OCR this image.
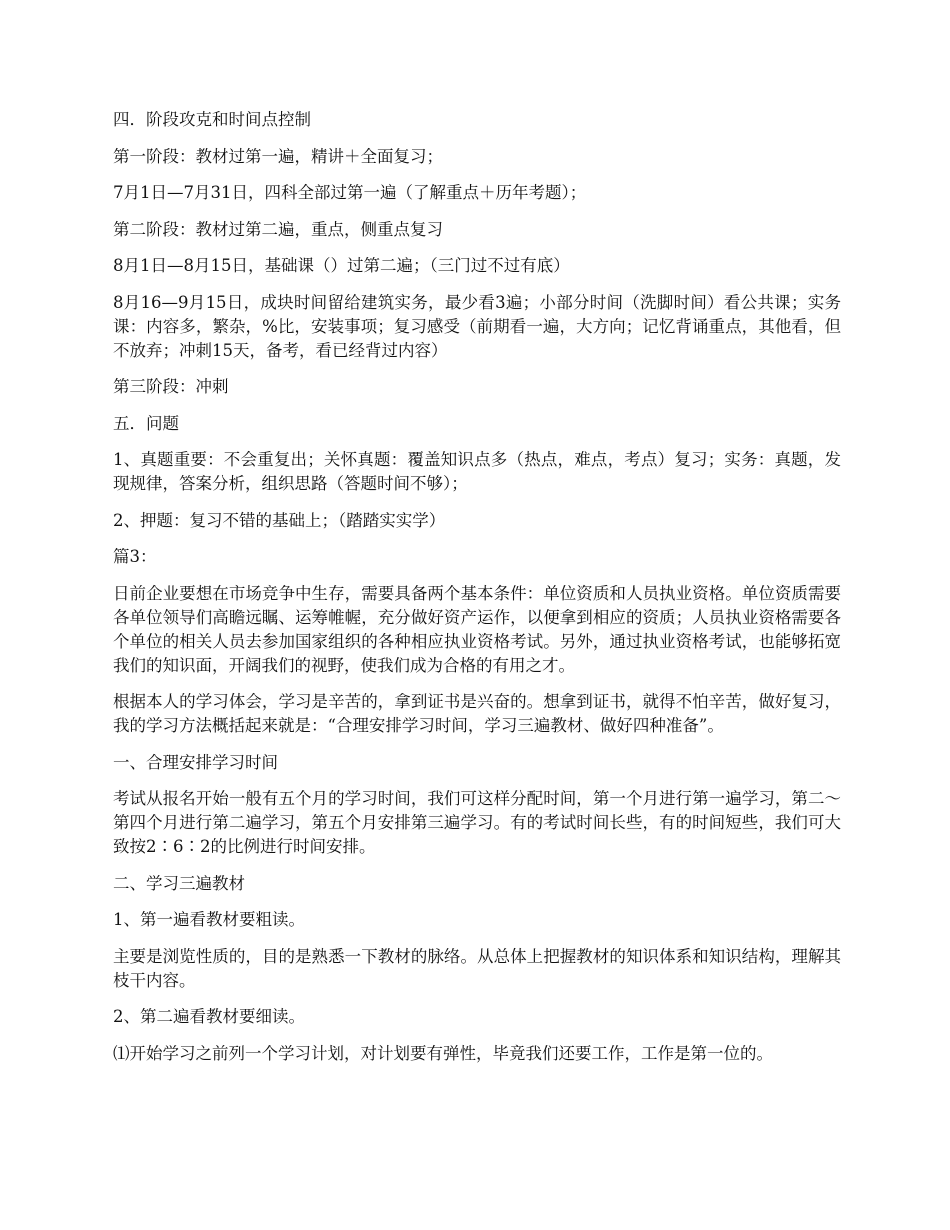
四．阶段攻克和时间点控制

第一阶段：教材过第一遍，精讲＋全面复习；

7月1日—7月31日，四科全部过第一遍（了解重点＋历年考题）；

第二阶段：教材过第二遍，重点，侧重点复习

8月1日—8月15日，基础课（）过第二遍；（三门过不过有底）

8月16—9月15日，成块时间留给建筑实务，最少看3遍；小部分时间（洗脚时间）看公共课；实务课：内容多，繁杂，%比，安装事项；复习感受（前期看一遍，大方向；记忆背诵重点，其他看，但不放弃；冲刺15天，备考，看已经背过内容）

第三阶段：冲刺

五．问题

1、真题重要：不会重复出；关怀真题：覆盖知识点多（热点，难点，考点）复习；实务：真题，发现规律，答案分析，组织思路（答题时间不够）；

2、押题：复习不错的基础上；（踏踏实实学）

篇3：

日前企业要想在市场竞争中生存，需要具备两个基本条件：单位资质和人员执业资格。单位资质需要各单位领导们高瞻远瞩、运筹帷幄，充分做好资产运作，以便拿到相应的资质；人员执业资格需要各个单位的相关人员去参加国家组织的各种相应执业资格考试。另外，通过执业资格考试，也能够拓宽我们的知识面，开阔我们的视野，使我们成为合格的有用之才。

根据本人的学习体会，学习是辛苦的，拿到证书是兴奋的。想拿到证书，就得不怕辛苦，做好复习，我的学习方法概括起来就是：“合理安排学习时间，学习三遍教材、做好四种准备”。

一、合理安排学习时间

考试从报名开始一般有五个月的学习时间，我们可这样分配时间，第一个月进行第一遍学习，第二～第四个月进行第二遍学习，第五个月安排第三遍学习。有的考试时间长些，有的时间短些，我们可大致按2∶6∶2的比例进行时间安排。

二、学习三遍教材

1、第一遍看教材要粗读。

主要是浏览性质的，目的是熟悉一下教材的脉络。从总体上把握教材的知识体系和知识结构，理解其枝干内容。

2、第二遍看教材要细读。

⑴开始学习之前列一个学习计划，对计划要有弹性，毕竟我们还要工作，工作是第一位的。
